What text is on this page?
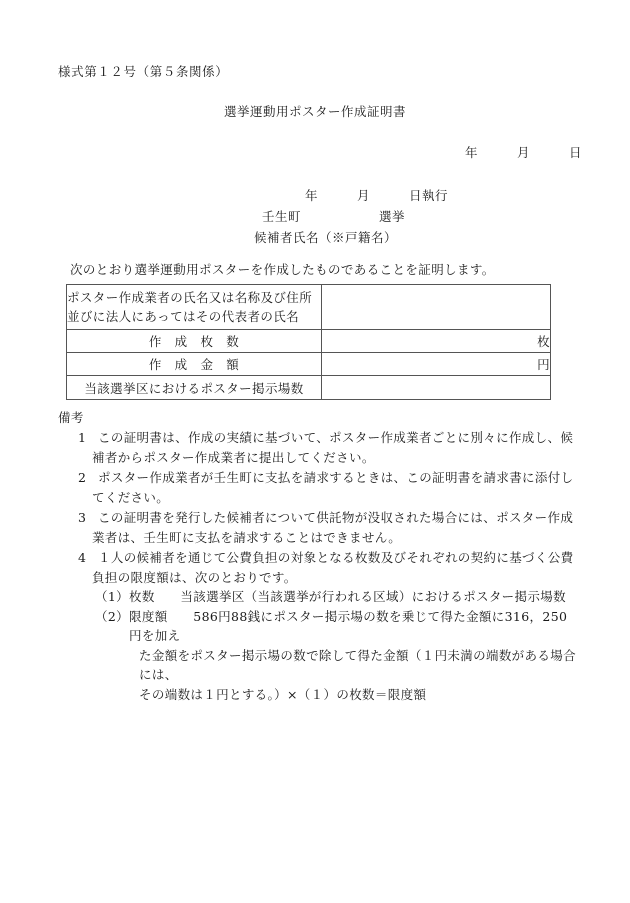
様式第１２号（第５条関係）
選挙運動用ポスター作成証明書
年　　　月　　　日
年　　　月　　　日執行
壬生町　　　　　　選挙
候補者氏名（※戸籍名）
次のとおり選挙運動用ポスターを作成したものであることを証明します。
ポスター作成業者の氏名又は名称及び住所
並びに法人にあってはその代表者の氏名	

作　成　枚　数	枚
作　成　金　額	円
当該選挙区におけるポスター掲示場数	
備考
1 この証明書は、作成の実績に基づいて、ポスター作成業者ごとに別々に作成し、候

補者からポスター作成業者に提出してください。

2 ポスター作成業者が壬生町に支払を請求するときは、この証明書を請求書に添付し

てください。

3 この証明書を発行した候補者について供託物が没収された場合には、ポスター作成

業者は、壬生町に支払を請求することはできません。

4 １人の候補者を通じて公費負担の対象となる枚数及びそれぞれの契約に基づく公費

負担の限度額は、次のとおりです。

（1） 枚数　　当該選挙区（当該選挙が行われる区域）におけるポスター掲示場数

（2） 限度額　　586円88銭にポスター掲示場の数を乗じて得た金額に316，250円を加え

た金額をポスター掲示場の数で除して得た金額（１円未満の端数がある場合には、

その端数は１円とする。）×（１）の枚数＝限度額
